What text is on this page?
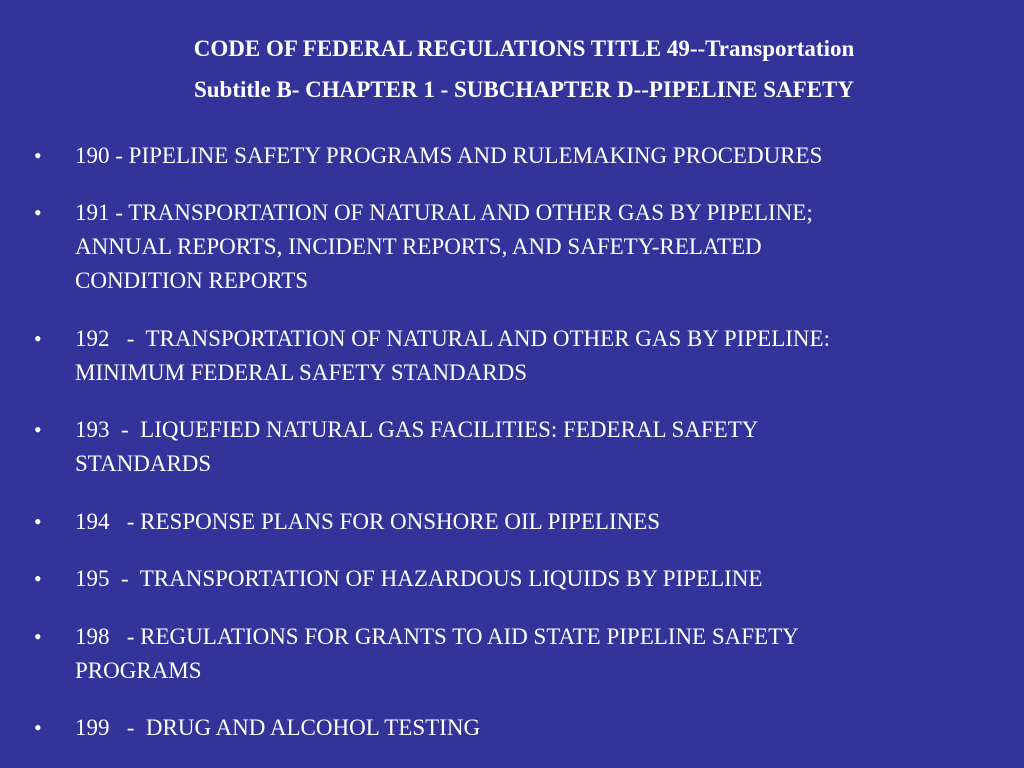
CODE OF FEDERAL REGULATIONS TITLE 49--Transportation
Subtitle B- CHAPTER 1 - SUBCHAPTER D--PIPELINE SAFETY
• 190 - PIPELINE SAFETY PROGRAMS AND RULEMAKING PROCEDURES
• 191 - TRANSPORTATION OF NATURAL AND OTHER GAS BY PIPELINE;
ANNUAL REPORTS, INCIDENT REPORTS, AND SAFETY-RELATED
CONDITION REPORTS
• 192   -  TRANSPORTATION OF NATURAL AND OTHER GAS BY PIPELINE:
MINIMUM FEDERAL SAFETY STANDARDS
• 193  -  LIQUEFIED NATURAL GAS FACILITIES: FEDERAL SAFETY
STANDARDS
• 194   - RESPONSE PLANS FOR ONSHORE OIL PIPELINES
• 195  -  TRANSPORTATION OF HAZARDOUS LIQUIDS BY PIPELINE
• 198   - REGULATIONS FOR GRANTS TO AID STATE PIPELINE SAFETY
PROGRAMS
• 199   -  DRUG AND ALCOHOL TESTING
